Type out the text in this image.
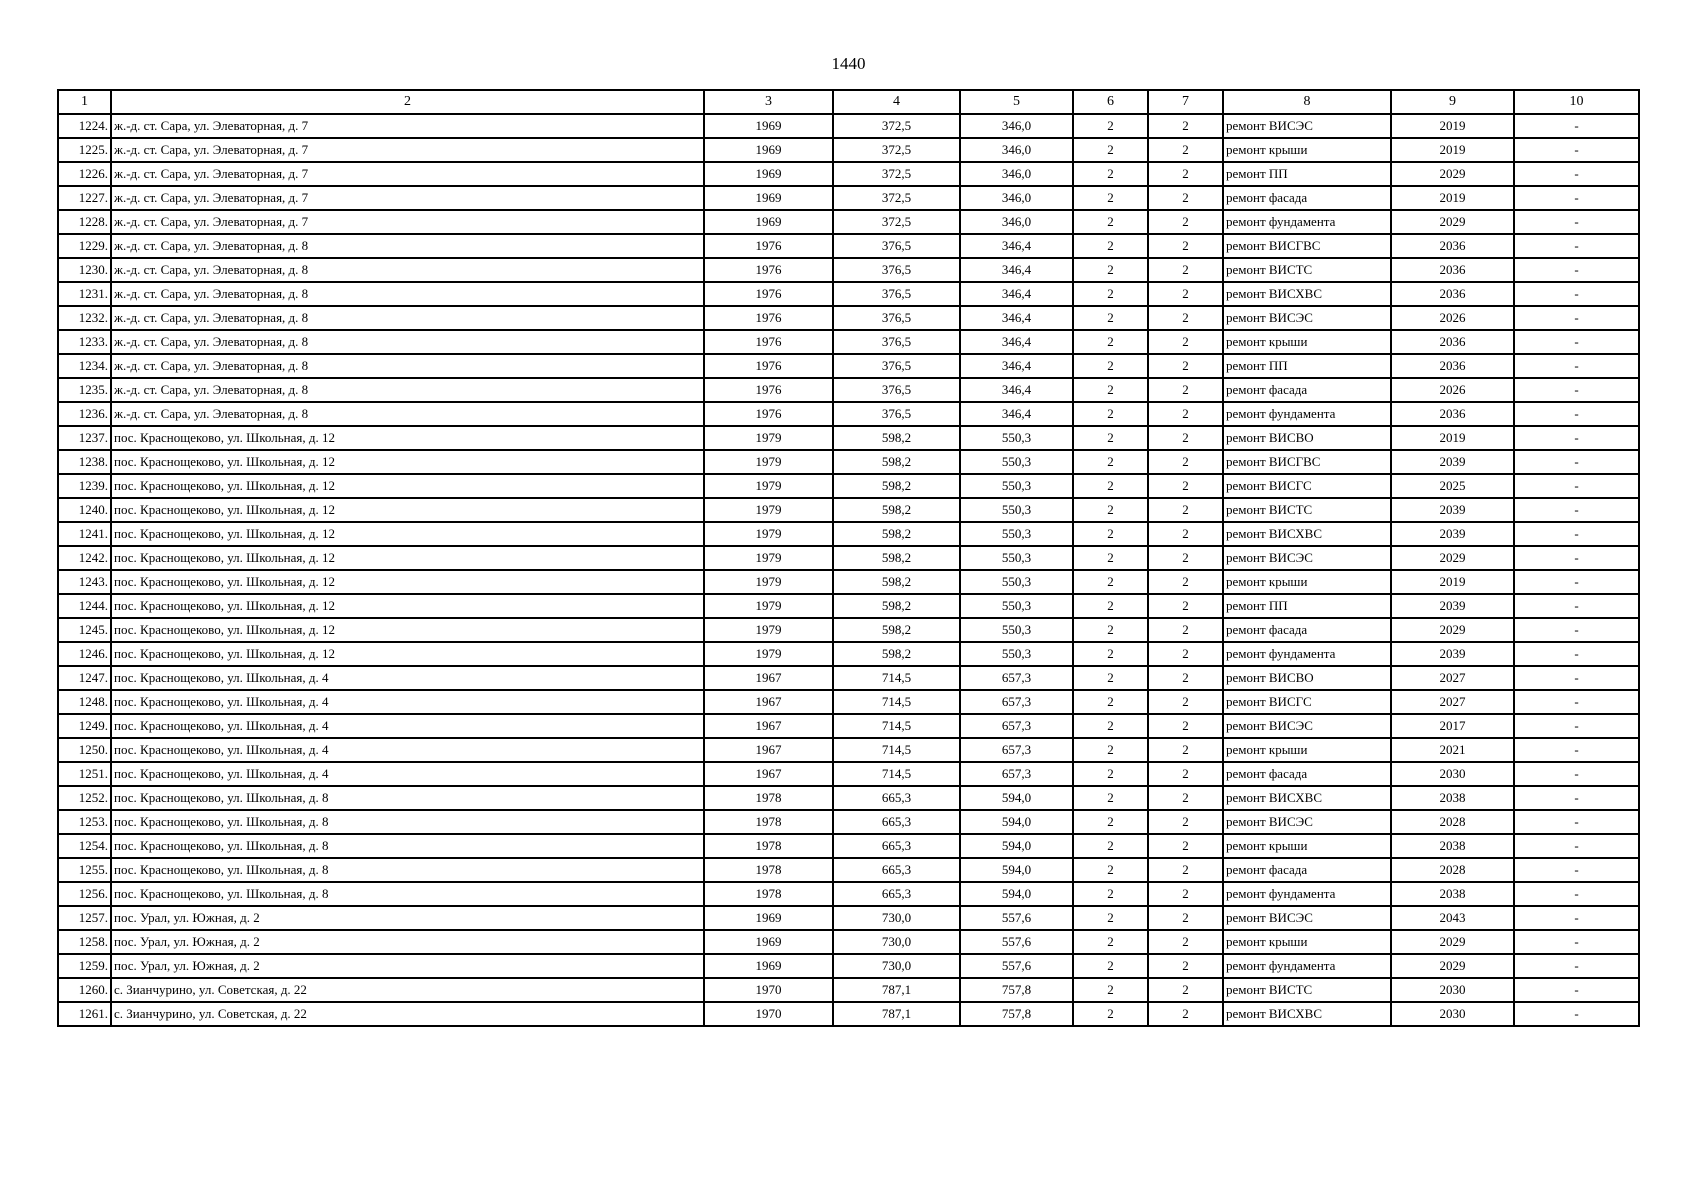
1440
1	2	3	4	5	6	7	8	9	10
1224.	ж.-д. ст. Сара, ул. Элеваторная, д. 7	1969	372,5	346,0	2	2	ремонт ВИСЭС	2019	-
1225.	ж.-д. ст. Сара, ул. Элеваторная, д. 7	1969	372,5	346,0	2	2	ремонт крыши	2019	-
1226.	ж.-д. ст. Сара, ул. Элеваторная, д. 7	1969	372,5	346,0	2	2	ремонт ПП	2029	-
1227.	ж.-д. ст. Сара, ул. Элеваторная, д. 7	1969	372,5	346,0	2	2	ремонт фасада	2019	-
1228.	ж.-д. ст. Сара, ул. Элеваторная, д. 7	1969	372,5	346,0	2	2	ремонт фундамента	2029	-
1229.	ж.-д. ст. Сара, ул. Элеваторная, д. 8	1976	376,5	346,4	2	2	ремонт ВИСГВС	2036	-
1230.	ж.-д. ст. Сара, ул. Элеваторная, д. 8	1976	376,5	346,4	2	2	ремонт ВИСТС	2036	-
1231.	ж.-д. ст. Сара, ул. Элеваторная, д. 8	1976	376,5	346,4	2	2	ремонт ВИСХВС	2036	-
1232.	ж.-д. ст. Сара, ул. Элеваторная, д. 8	1976	376,5	346,4	2	2	ремонт ВИСЭС	2026	-
1233.	ж.-д. ст. Сара, ул. Элеваторная, д. 8	1976	376,5	346,4	2	2	ремонт крыши	2036	-
1234.	ж.-д. ст. Сара, ул. Элеваторная, д. 8	1976	376,5	346,4	2	2	ремонт ПП	2036	-
1235.	ж.-д. ст. Сара, ул. Элеваторная, д. 8	1976	376,5	346,4	2	2	ремонт фасада	2026	-
1236.	ж.-д. ст. Сара, ул. Элеваторная, д. 8	1976	376,5	346,4	2	2	ремонт фундамента	2036	-
1237.	пос. Краснощеково, ул. Школьная, д. 12	1979	598,2	550,3	2	2	ремонт ВИСВО	2019	-
1238.	пос. Краснощеково, ул. Школьная, д. 12	1979	598,2	550,3	2	2	ремонт ВИСГВС	2039	-
1239.	пос. Краснощеково, ул. Школьная, д. 12	1979	598,2	550,3	2	2	ремонт ВИСГС	2025	-
1240.	пос. Краснощеково, ул. Школьная, д. 12	1979	598,2	550,3	2	2	ремонт ВИСТС	2039	-
1241.	пос. Краснощеково, ул. Школьная, д. 12	1979	598,2	550,3	2	2	ремонт ВИСХВС	2039	-
1242.	пос. Краснощеково, ул. Школьная, д. 12	1979	598,2	550,3	2	2	ремонт ВИСЭС	2029	-
1243.	пос. Краснощеково, ул. Школьная, д. 12	1979	598,2	550,3	2	2	ремонт крыши	2019	-
1244.	пос. Краснощеково, ул. Школьная, д. 12	1979	598,2	550,3	2	2	ремонт ПП	2039	-
1245.	пос. Краснощеково, ул. Школьная, д. 12	1979	598,2	550,3	2	2	ремонт фасада	2029	-
1246.	пос. Краснощеково, ул. Школьная, д. 12	1979	598,2	550,3	2	2	ремонт фундамента	2039	-
1247.	пос. Краснощеково, ул. Школьная, д. 4	1967	714,5	657,3	2	2	ремонт ВИСВО	2027	-
1248.	пос. Краснощеково, ул. Школьная, д. 4	1967	714,5	657,3	2	2	ремонт ВИСГС	2027	-
1249.	пос. Краснощеково, ул. Школьная, д. 4	1967	714,5	657,3	2	2	ремонт ВИСЭС	2017	-
1250.	пос. Краснощеково, ул. Школьная, д. 4	1967	714,5	657,3	2	2	ремонт крыши	2021	-
1251.	пос. Краснощеково, ул. Школьная, д. 4	1967	714,5	657,3	2	2	ремонт фасада	2030	-
1252.	пос. Краснощеково, ул. Школьная, д. 8	1978	665,3	594,0	2	2	ремонт ВИСХВС	2038	-
1253.	пос. Краснощеково, ул. Школьная, д. 8	1978	665,3	594,0	2	2	ремонт ВИСЭС	2028	-
1254.	пос. Краснощеково, ул. Школьная, д. 8	1978	665,3	594,0	2	2	ремонт крыши	2038	-
1255.	пос. Краснощеково, ул. Школьная, д. 8	1978	665,3	594,0	2	2	ремонт фасада	2028	-
1256.	пос. Краснощеково, ул. Школьная, д. 8	1978	665,3	594,0	2	2	ремонт фундамента	2038	-
1257.	пос. Урал, ул. Южная, д. 2	1969	730,0	557,6	2	2	ремонт ВИСЭС	2043	-
1258.	пос. Урал, ул. Южная, д. 2	1969	730,0	557,6	2	2	ремонт крыши	2029	-
1259.	пос. Урал, ул. Южная, д. 2	1969	730,0	557,6	2	2	ремонт фундамента	2029	-
1260.	с. Зианчурино, ул. Советская, д. 22	1970	787,1	757,8	2	2	ремонт ВИСТС	2030	-
1261.	с. Зианчурино, ул. Советская, д. 22	1970	787,1	757,8	2	2	ремонт ВИСХВС	2030	-
